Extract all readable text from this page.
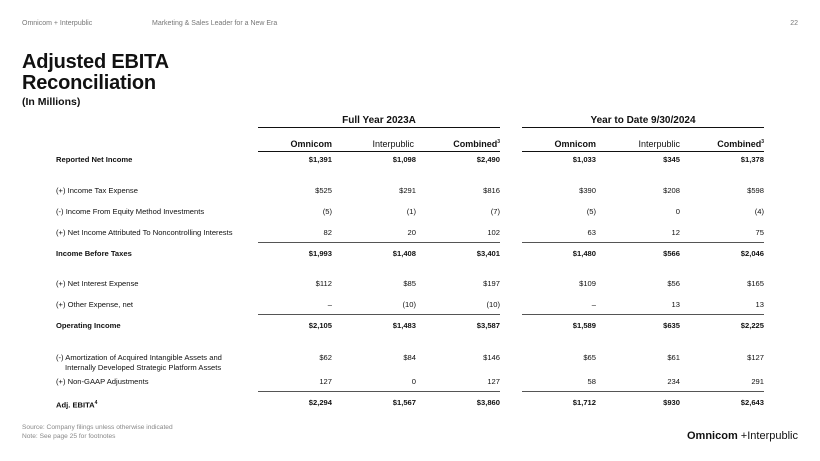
Omnicom + Interpublic	Marketing & Sales Leader for a New Era	22
Adjusted EBITA Reconciliation
(In Millions)
Full Year 2023A	Year to Date 9/30/2024
Omnicom	Interpublic	Combined$^3$	Omnicom	Interpublic	Combined$^3$
Reported Net Income	$1,391	$1,098	$2,490	$1,033	$345	$1,378
(+) Income Tax Expense	$525	$291	$816	$390	$208	$598
(-) Income From Equity Method Investments	(5)	(1)	(7)	(5)	0	(4)
(+) Net Income Attributed To Noncontrolling Interests	82	20	102	63	12	75
Income Before Taxes	$1,993	$1,408	$3,401	$1,480	$566	$2,046
(+) Net Interest Expense	$112	$85	$197	$109	$56	$165
(+) Other Expense, net	–	(10)	(10)	–	13	13
Operating Income	$2,105	$1,483	$3,587	$1,589	$635	$2,225
(-) Amortization of Acquired Intangible Assets and
Internally Developed Strategic Platform Assets
$62	$84	$146	$65	$61	$127
(+) Non-GAAP Adjustments	127	0	127	58	234	291
Adj. EBITA$^4$	$2,294	$1,567	$3,860	$1,712	$930	$2,643
Source: Company filings unless otherwise indicated
Note: See page 25 for footnotes	Omnicom +Interpublic
